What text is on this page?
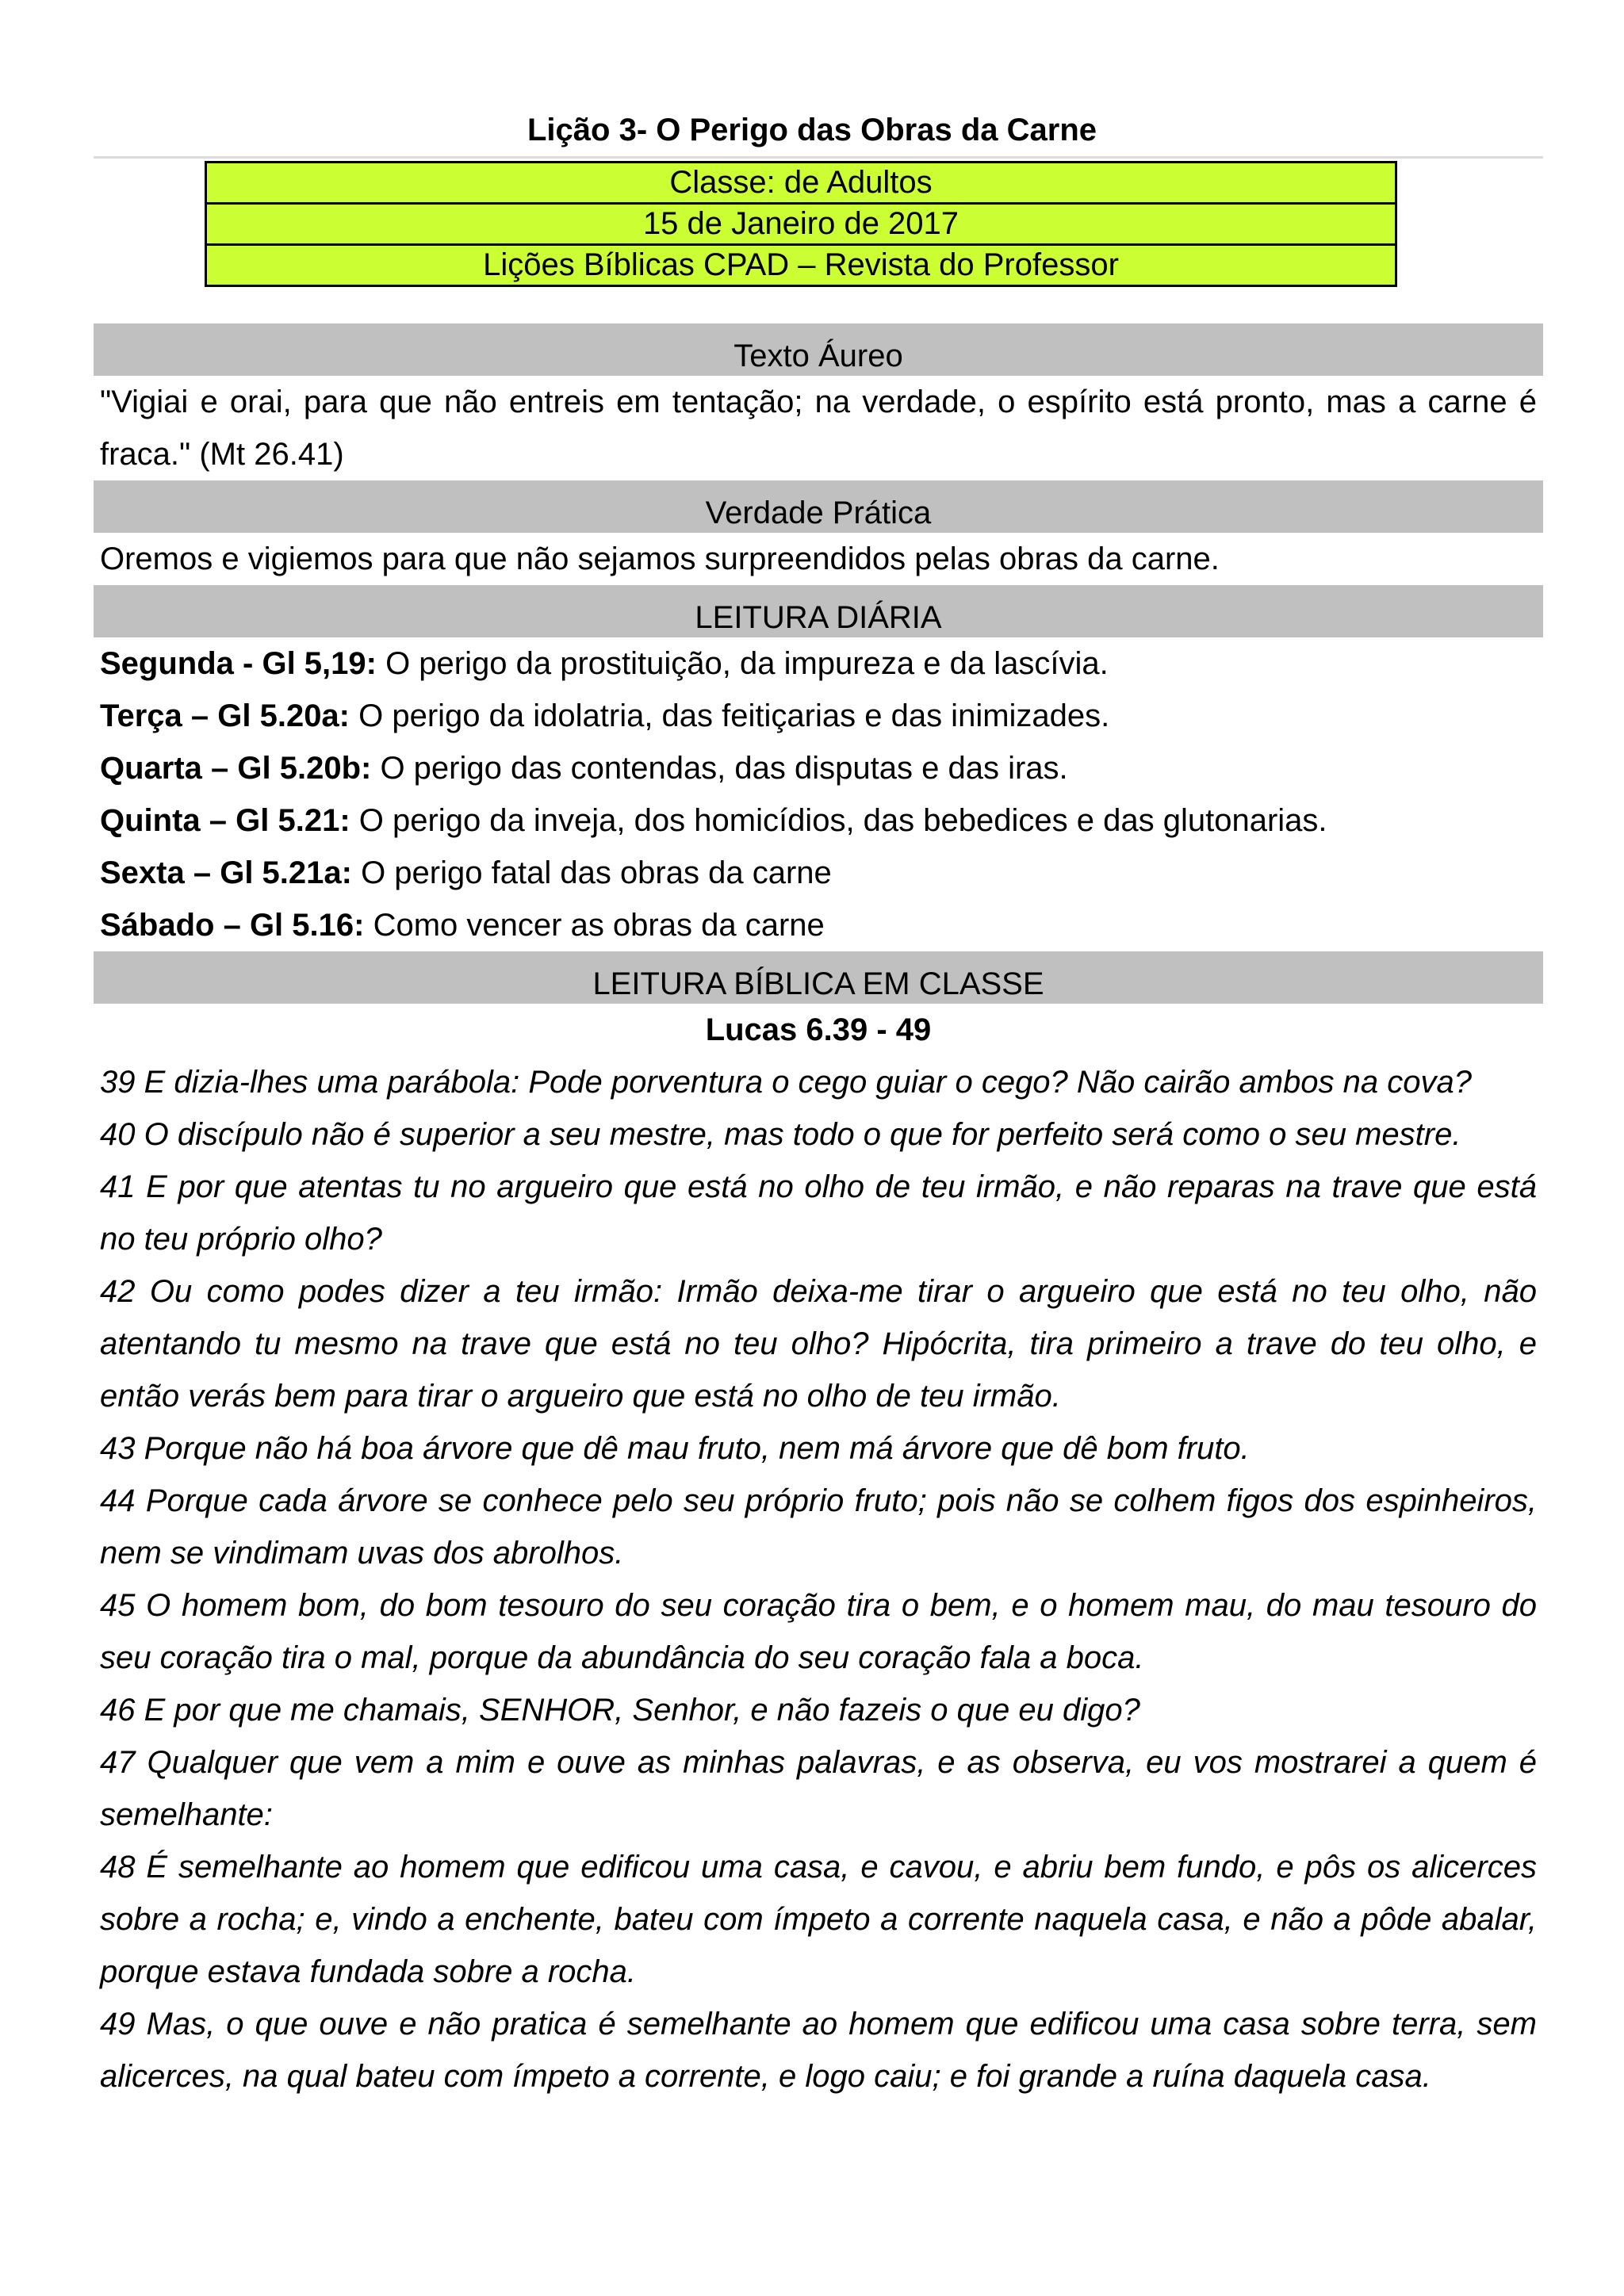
Lição 3- O Perigo das Obras da Carne
Classe: de Adultos
15 de Janeiro de 2017
Lições Bíblicas CPAD – Revista do Professor
Texto Áureo
"Vigiai e orai, para que não entreis em tentação; na verdade, o espírito está pronto, mas a carne é fraca." (Mt 26.41)
Verdade Prática
Oremos e vigiemos para que não sejamos surpreendidos pelas obras da carne.
LEITURA DIÁRIA
Segunda - Gl 5,19: O perigo da prostituição, da impureza e da lascívia.
Terça – Gl 5.20a: O perigo da idolatria, das feitiçarias e das inimizades.
Quarta – Gl 5.20b: O perigo das contendas, das disputas e das iras.
Quinta – Gl 5.21: O perigo da inveja, dos homicídios, das bebedices e das glutonarias.
Sexta – Gl 5.21a: O perigo fatal das obras da carne
Sábado – Gl 5.16: Como vencer as obras da carne
LEITURA BÍBLICA EM CLASSE
Lucas 6.39 - 49
39 E dizia-lhes uma parábola: Pode porventura o cego guiar o cego? Não cairão ambos na cova?
40 O discípulo não é superior a seu mestre, mas todo o que for perfeito será como o seu mestre.
41 E por que atentas tu no argueiro que está no olho de teu irmão, e não reparas na trave que está no teu próprio olho?
42 Ou como podes dizer a teu irmão: Irmão deixa-me tirar o argueiro que está no teu olho, não atentando tu mesmo na trave que está no teu olho? Hipócrita, tira primeiro a trave do teu olho, e então verás bem para tirar o argueiro que está no olho de teu irmão.
43 Porque não há boa árvore que dê mau fruto, nem má árvore que dê bom fruto.
44 Porque cada árvore se conhece pelo seu próprio fruto; pois não se colhem figos dos espinheiros, nem se vindimam uvas dos abrolhos.
45 O homem bom, do bom tesouro do seu coração tira o bem, e o homem mau, do mau tesouro do seu coração tira o mal, porque da abundância do seu coração fala a boca.
46 E por que me chamais, SENHOR, Senhor, e não fazeis o que eu digo?
47 Qualquer que vem a mim e ouve as minhas palavras, e as observa, eu vos mostrarei a quem é semelhante:
48 É semelhante ao homem que edificou uma casa, e cavou, e abriu bem fundo, e pôs os alicerces sobre a rocha; e, vindo a enchente, bateu com ímpeto a corrente naquela casa, e não a pôde abalar, porque estava fundada sobre a rocha.
49 Mas, o que ouve e não pratica é semelhante ao homem que edificou uma casa sobre terra, sem alicerces, na qual bateu com ímpeto a corrente, e logo caiu; e foi grande a ruína daquela casa.
